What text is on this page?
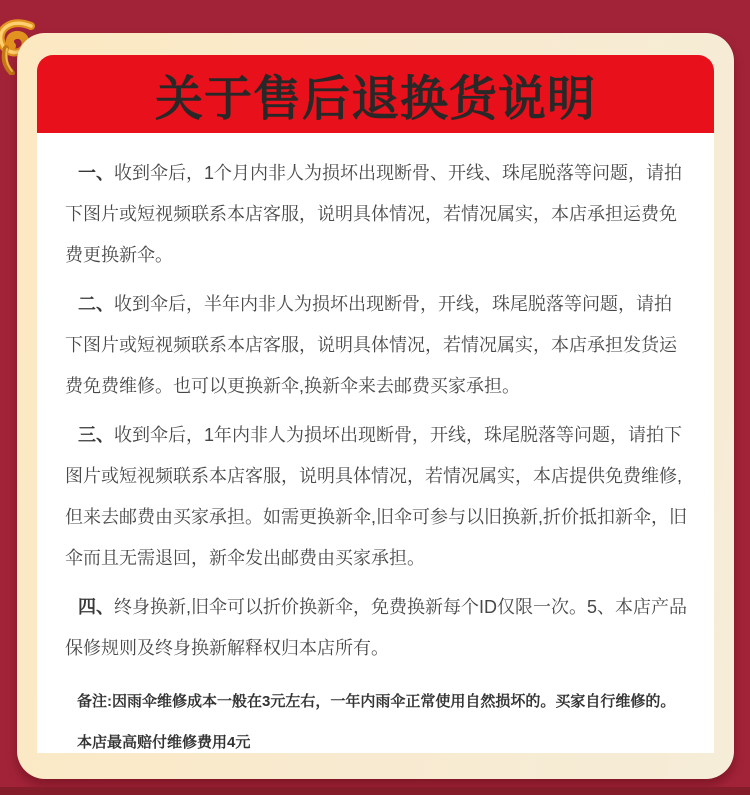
关于售后退换货说明

一、收到伞后，1个月内非人为损坏出现断骨、开线、珠尾脱落等问题，请拍下图片或短视频联系本店客服，说明具体情况，若情况属实，本店承担运费免费更换新伞。

二、收到伞后，半年内非人为损坏出现断骨，开线，珠尾脱落等问题，请拍下图片或短视频联系本店客服，说明具体情况，若情况属实，本店承担发货运费免费维修。也可以更换新伞,换新伞来去邮费买家承担。

三、收到伞后，1年内非人为损坏出现断骨，开线，珠尾脱落等问题，请拍下图片或短视频联系本店客服，说明具体情况，若情况属实，本店提供免费维修,但来去邮费由买家承担。如需更换新伞,旧伞可参与以旧换新,折价抵扣新伞，旧伞而且无需退回，新伞发出邮费由买家承担。

四、终身换新,旧伞可以折价换新伞，免费换新每个ID仅限一次。5、本店产品保修规则及终身换新解释权归本店所有。

备注:因雨伞维修成本一般在3元左右，一年内雨伞正常使用自然损坏的。买家自行维修的。本店最高赔付维修费用4元
